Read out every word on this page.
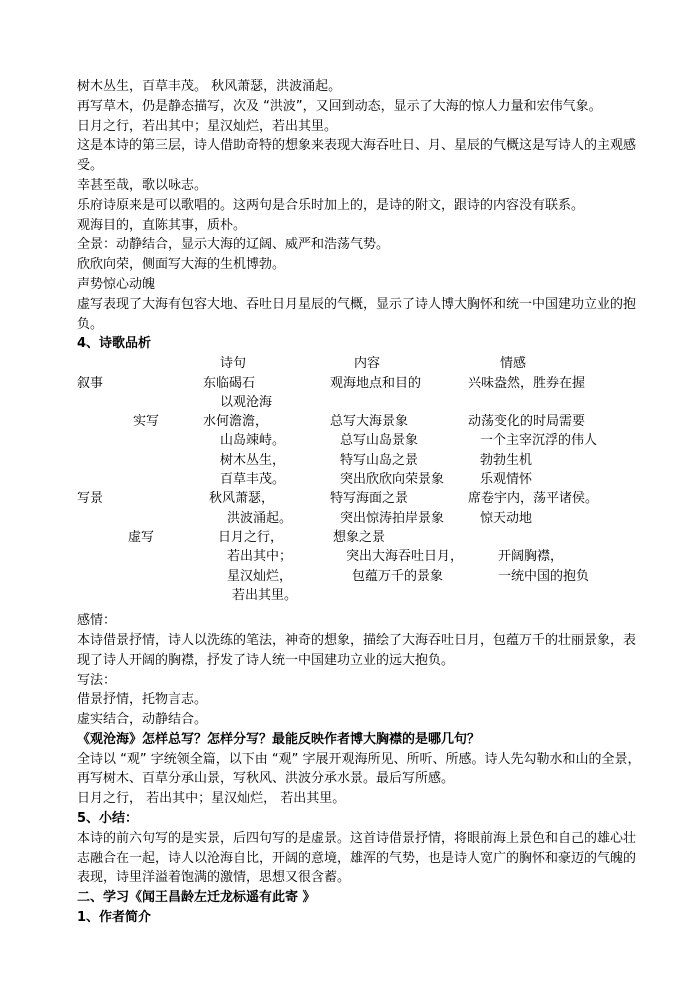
树木丛生，百草丰茂。 秋风萧瑟，洪波涌起。
再写草木，仍是静态描写，次及 “洪波”，又回到动态，显示了大海的惊人力量和宏伟气象。
日月之行，若出其中；星汉灿烂，若出其里。
这是本诗的第三层，诗人借助奇特的想象来表现大海吞吐日、月、星辰的气概这是写诗人的主观感
受。
幸甚至哉，歌以咏志。
乐府诗原来是可以歌唱的。这两句是合乐时加上的，是诗的附文，跟诗的内容没有联系。
观海目的，直陈其事，质朴。
全景：动静结合，显示大海的辽阔、威严和浩荡气势。
欣欣向荣，侧面写大海的生机博勃。
声势惊心动魄
虚写表现了大海有包容大地、吞吐日月星辰的气概，显示了诗人博大胸怀和统一中国建功立业的抱
负。
4、诗歌品析
诗句	内容	情感
叙事	东临碣石	观海地点和目的	兴味盎然，胜券在握
以观沧海
实写	水何澹澹，	总写大海景象	动荡变化的时局需要
山岛竦峙。	总写山岛景象	一个主宰沉浮的伟人
树木丛生，	特写山岛之景	勃勃生机
百草丰茂。	突出欣欣向荣景象	乐观情怀
写景	秋风萧瑟，	特写海面之景	席卷宇内，荡平诸侯。
洪波涌起。	突出惊涛拍岸景象	惊天动地
虚写	日月之行，	想象之景
若出其中；	突出大海吞吐日月，	开阔胸襟，
星汉灿烂，	包蕴万千的景象	一统中国的抱负
若出其里。
感情：
本诗借景抒情，诗人以洗练的笔法，神奇的想象，描绘了大海吞吐日月，包蕴万千的壮丽景象，表
现了诗人开阔的胸襟，抒发了诗人统一中国建功立业的远大抱负。
写法：
借景抒情，托物言志。
虚实结合，动静结合。
《观沧海》怎样总写？怎样分写？最能反映作者博大胸襟的是哪几句？
全诗以 “观” 字统领全篇，以下由 “观” 字展开观海所见、所听、所感。诗人先勾勒水和山的全景，
再写树木、百草分承山景，写秋风、洪波分承水景。最后写所感。
日月之行， 若出其中；星汉灿烂， 若出其里。
5、小结：
本诗的前六句写的是实景，后四句写的是虚景。这首诗借景抒情，将眼前海上景色和自己的雄心壮
志融合在一起，诗人以沧海自比，开阔的意境，雄浑的气势，也是诗人宽广的胸怀和豪迈的气魄的
表现，诗里洋溢着饱满的激情，思想又很含蓄。
二、学习《闻王昌龄左迁龙标遥有此寄 》
1、作者简介
